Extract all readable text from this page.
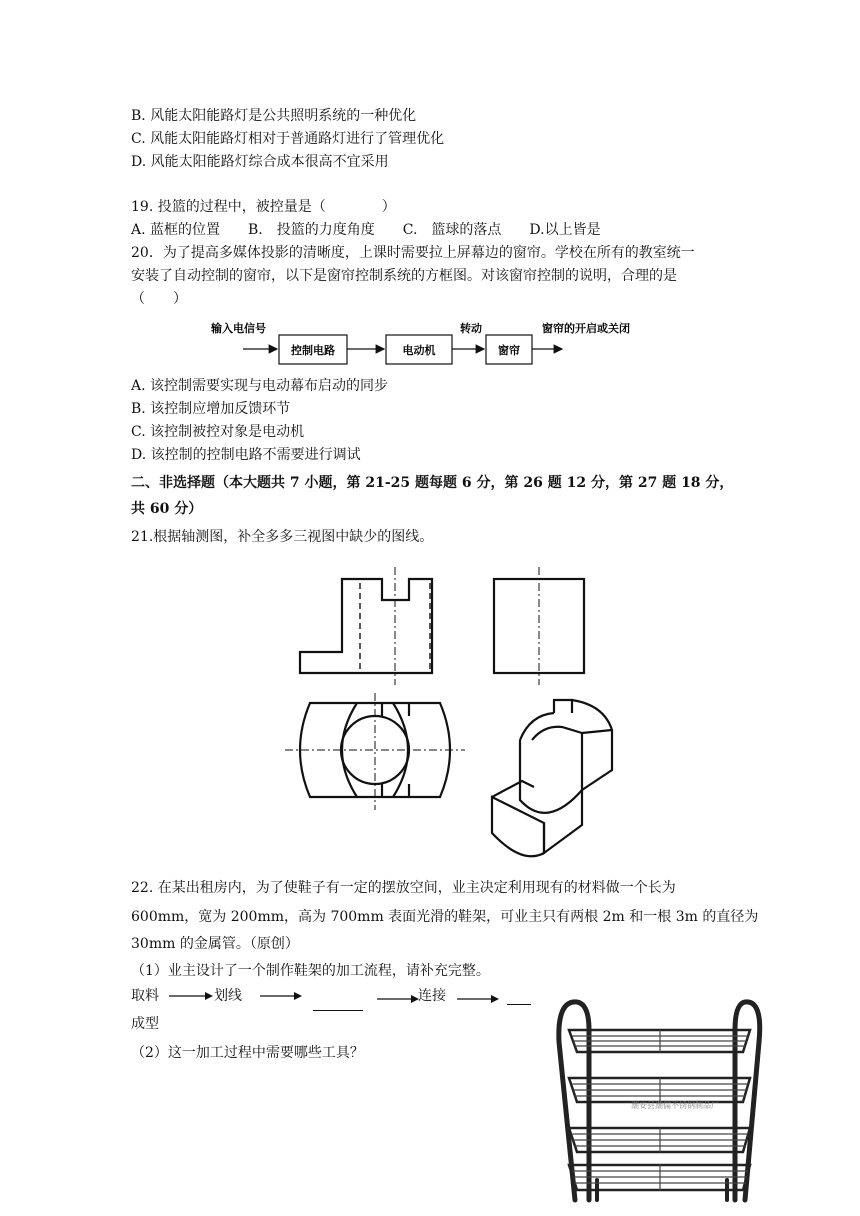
B. 风能太阳能路灯是公共照明系统的一种优化
C. 风能太阳能路灯相对于普通路灯进行了管理优化
D. 风能太阳能路灯综合成本很高不宜采用
19. 投篮的过程中，被控量是（　　　　）
A. 蓝框的位置　　B.　投篮的力度角度　　C.　篮球的落点　　D.以上皆是
20．为了提高多媒体投影的清晰度，上课时需要拉上屏幕边的窗帘。学校在所有的教室统一
安装了自动控制的窗帘，以下是窗帘控制系统的方框图。对该窗帘控制的说明，合理的是
（　　）
输入电信号
控制电路	电动机
转动
窗帘
窗帘的开启或关闭
A. 该控制需要实现与电动幕布启动的同步
B. 该控制应增加反馈环节
C. 该控制被控对象是电动机
D. 该控制的控制电路不需要进行调试
二、非选择题（本大题共 7 小题，第 21-25 题每题 6 分，第 26 题 12 分，第 27 题 18 分，
共 60 分）
21.根据轴测图，补全多多三视图中缺少的图线。
22. 在某出租房内，为了使鞋子有一定的摆放空间，业主决定利用现有的材料做一个长为
600mm，宽为 200mm，高为 700mm 表面光滑的鞋架，可业主只有两根 2m 和一根 3m 的直径为
30mm 的金属管。（原创）
（1）业主设计了一个制作鞋架的加工流程，请补充完整。
取料	划线	连接
成型
（2）这一加工过程中需要哪些工具？
潮安县潮儒不锈钢制品厂
